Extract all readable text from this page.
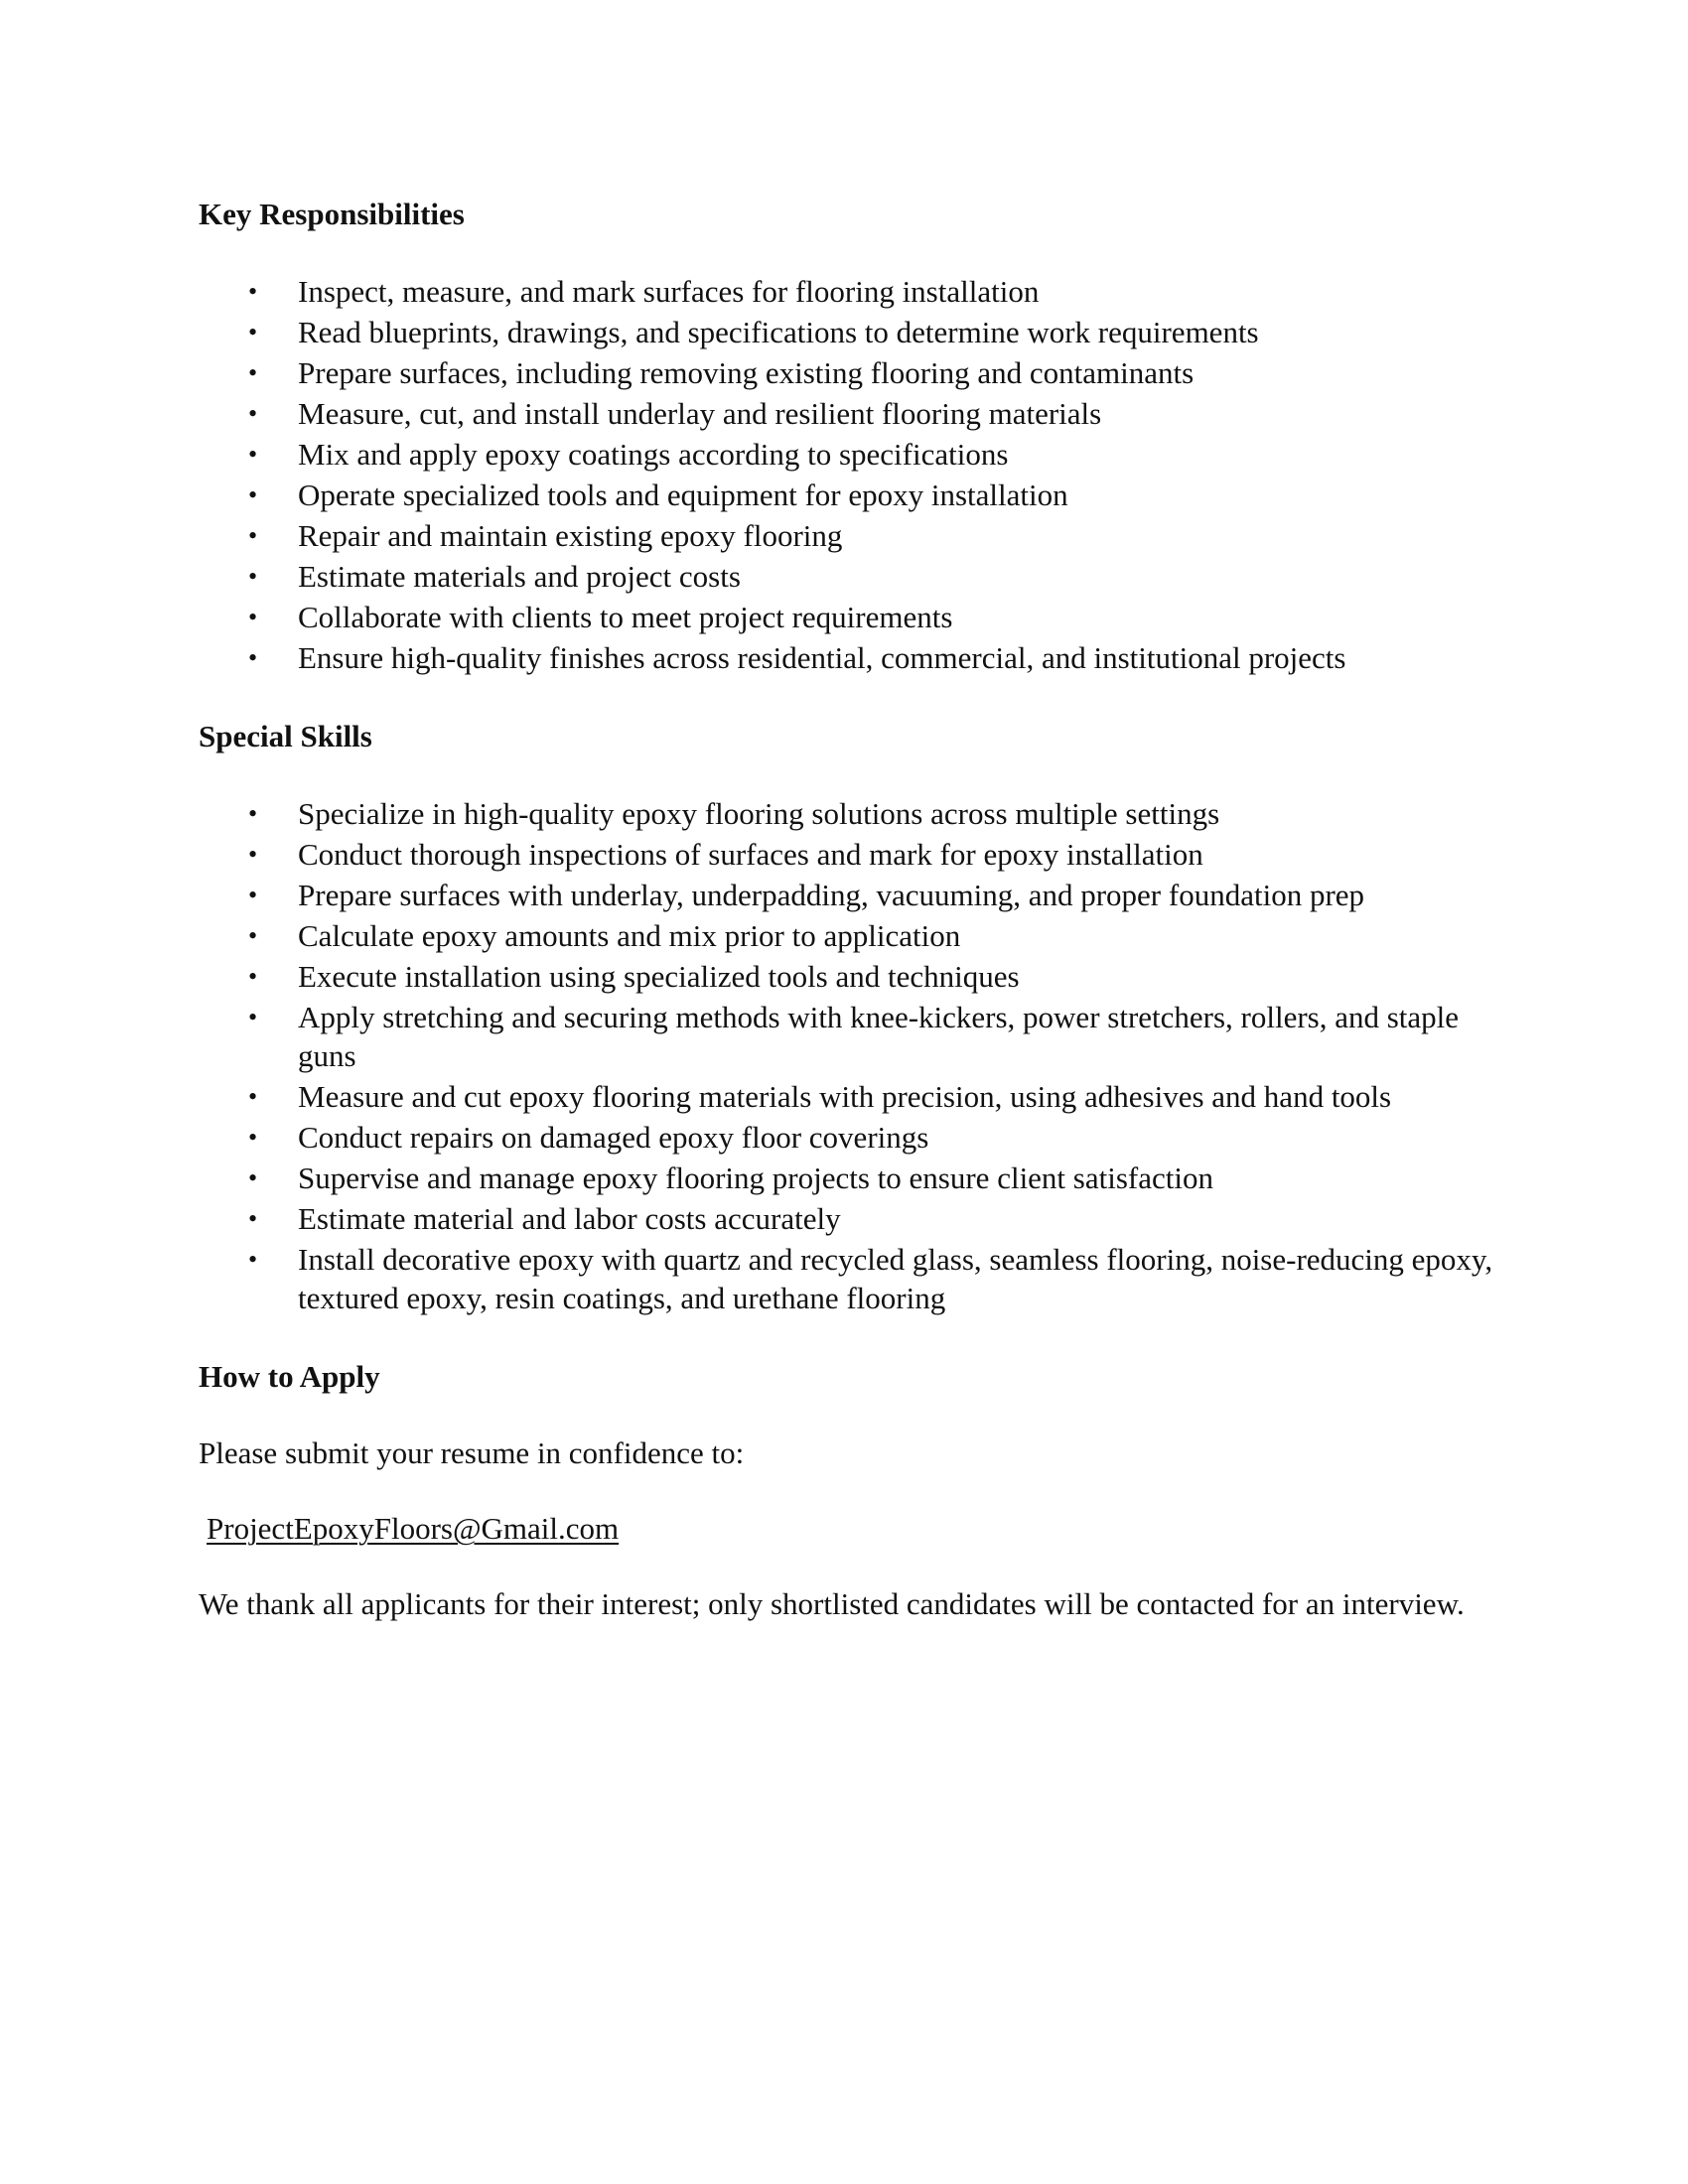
Key Responsibilities
• Inspect, measure, and mark surfaces for flooring installation
• Read blueprints, drawings, and specifications to determine work requirements
• Prepare surfaces, including removing existing flooring and contaminants
• Measure, cut, and install underlay and resilient flooring materials
• Mix and apply epoxy coatings according to specifications
• Operate specialized tools and equipment for epoxy installation
• Repair and maintain existing epoxy flooring
• Estimate materials and project costs
• Collaborate with clients to meet project requirements
• Ensure high-quality finishes across residential, commercial, and institutional projects
Special Skills
• Specialize in high-quality epoxy flooring solutions across multiple settings
• Conduct thorough inspections of surfaces and mark for epoxy installation
• Prepare surfaces with underlay, underpadding, vacuuming, and proper foundation prep
• Calculate epoxy amounts and mix prior to application
• Execute installation using specialized tools and techniques
• Apply stretching and securing methods with knee-kickers, power stretchers, rollers, and staple guns
• Measure and cut epoxy flooring materials with precision, using adhesives and hand tools
• Conduct repairs on damaged epoxy floor coverings
• Supervise and manage epoxy flooring projects to ensure client satisfaction
• Estimate material and labor costs accurately
• Install decorative epoxy with quartz and recycled glass, seamless flooring, noise-reducing epoxy, textured epoxy, resin coatings, and urethane flooring
How to Apply

Please submit your resume in confidence to:

ProjectEpoxyFloors@Gmail.com

We thank all applicants for their interest; only shortlisted candidates will be contacted for an interview.
